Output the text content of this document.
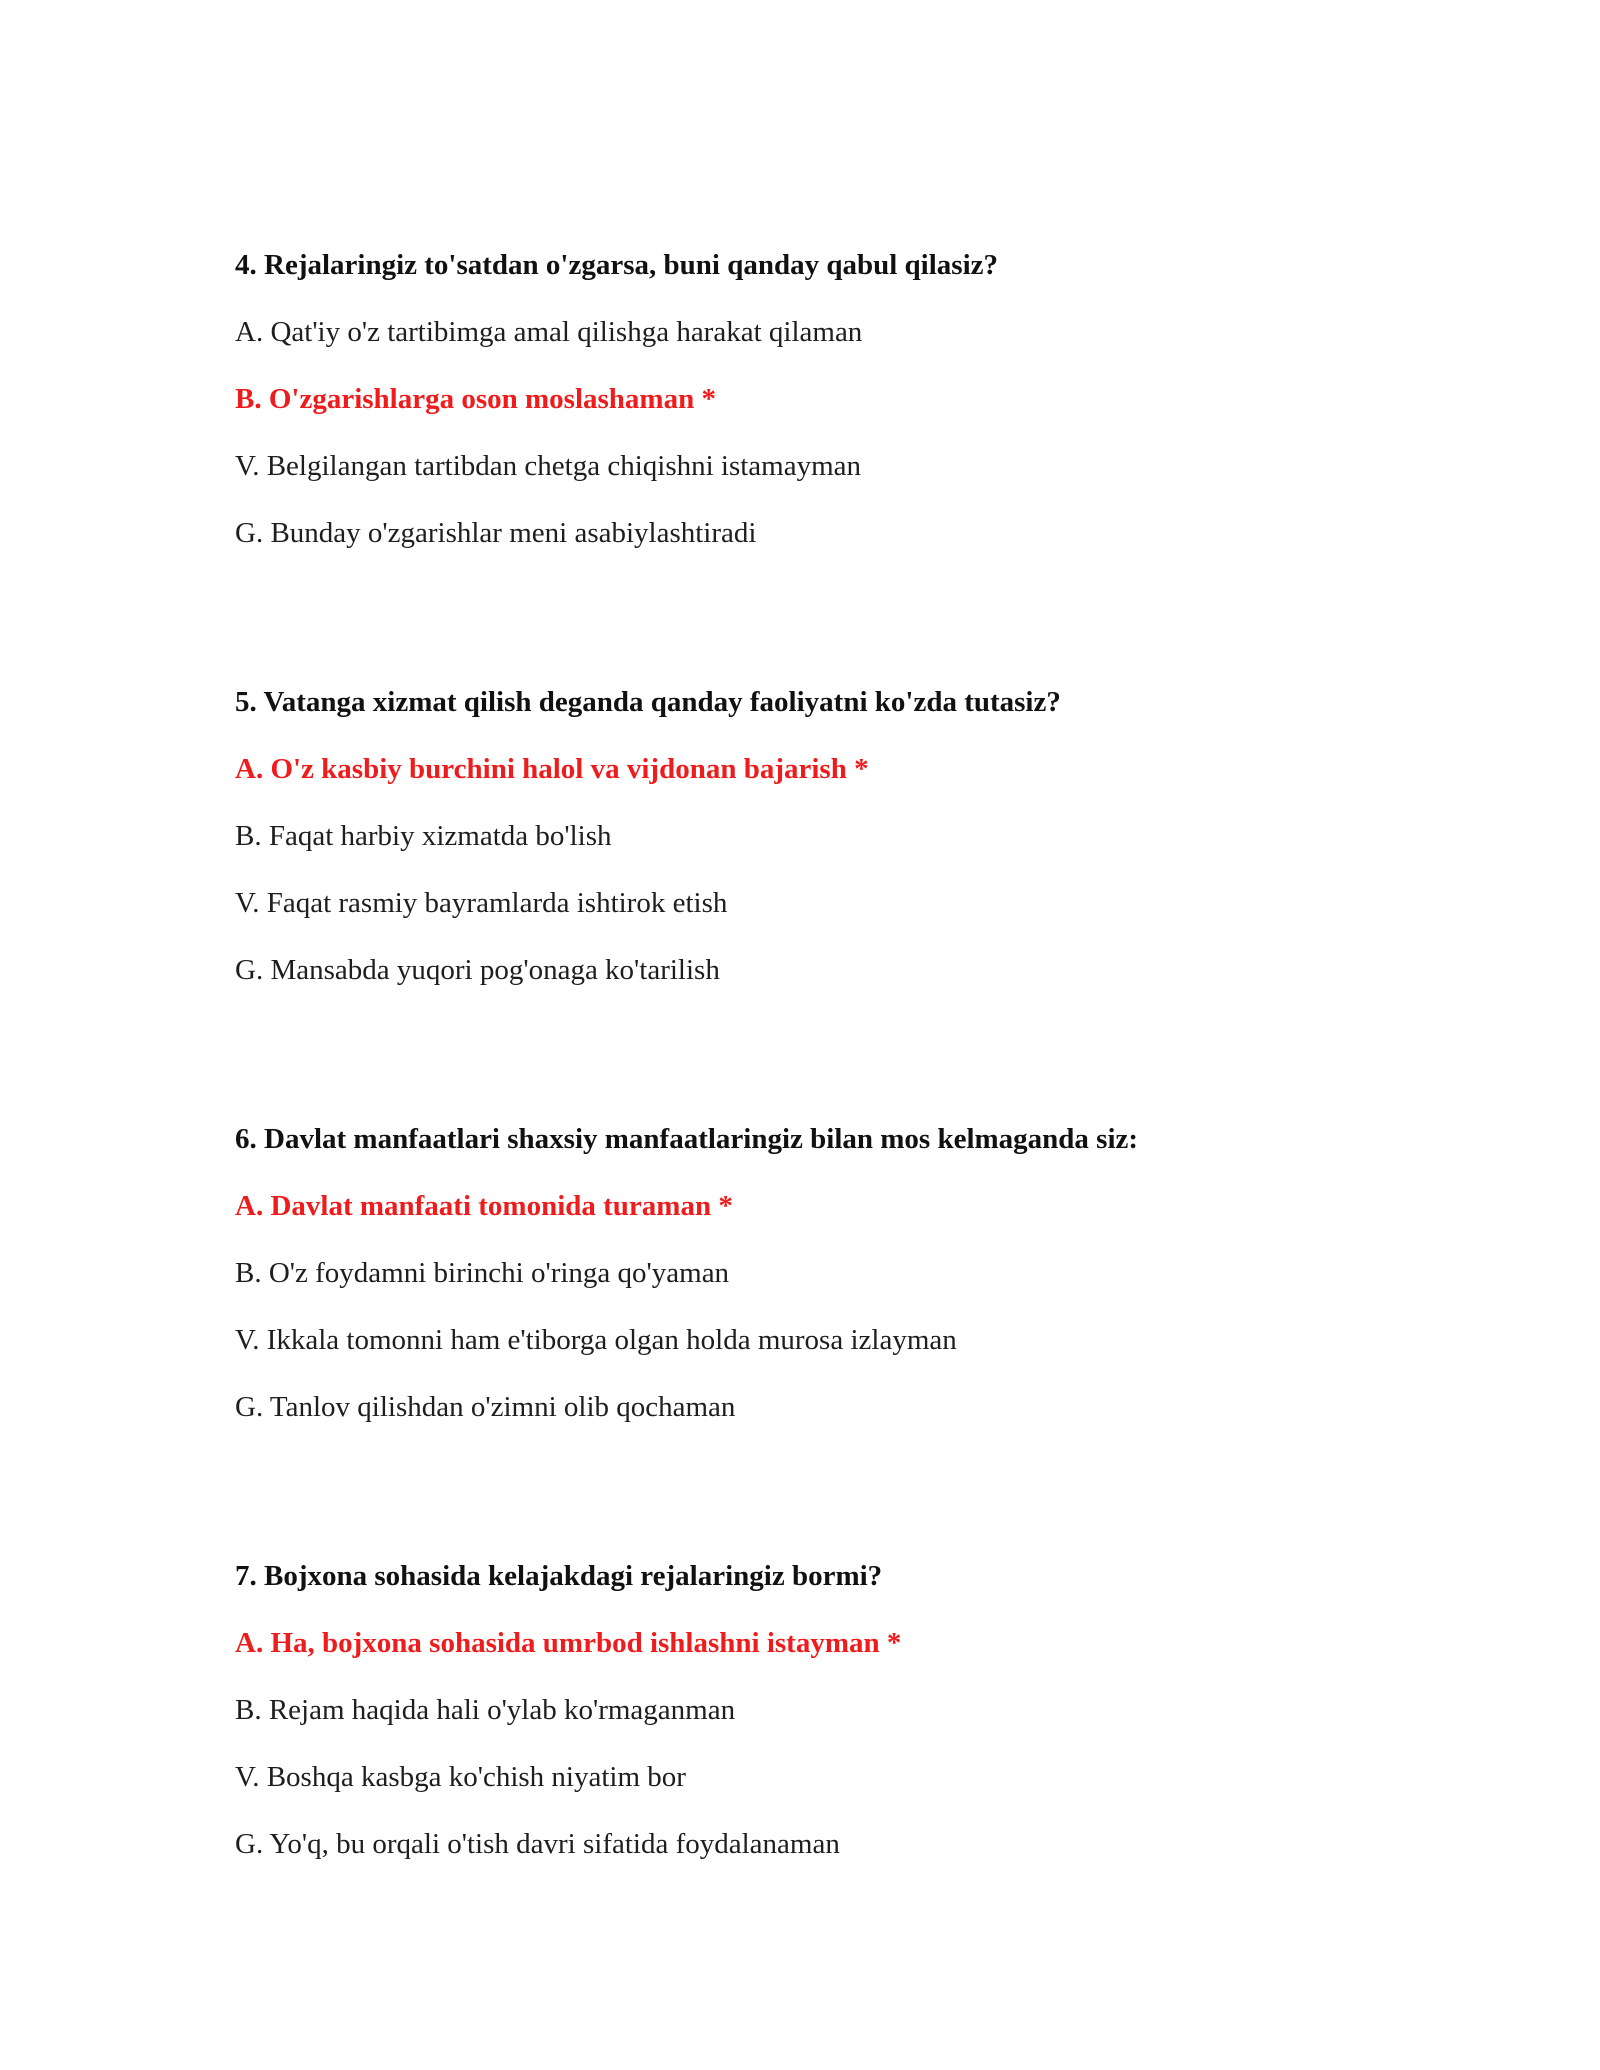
4. Rejalaringiz to'satdan o'zgarsa, buni qanday qabul qilasiz?
A. Qat'iy o'z tartibimga amal qilishga harakat qilaman
B. O'zgarishlarga oson moslashaman *
V. Belgilangan tartibdan chetga chiqishni istamayman
G. Bunday o'zgarishlar meni asabiylashtiradi
5. Vatanga xizmat qilish deganda qanday faoliyatni ko'zda tutasiz?
A. O'z kasbiy burchini halol va vijdonan bajarish *
B. Faqat harbiy xizmatda bo'lish
V. Faqat rasmiy bayramlarda ishtirok etish
G. Mansabda yuqori pog'onaga ko'tarilish
6. Davlat manfaatlari shaxsiy manfaatlaringiz bilan mos kelmaganda siz:
A. Davlat manfaati tomonida turaman *
B. O'z foydamni birinchi o'ringa qo'yaman
V. Ikkala tomonni ham e'tiborga olgan holda murosa izlayman
G. Tanlov qilishdan o'zimni olib qochaman
7. Bojxona sohasida kelajakdagi rejalaringiz bormi?
A. Ha, bojxona sohasida umrbod ishlashni istayman *
B. Rejam haqida hali o'ylab ko'rmaganman
V. Boshqa kasbga ko'chish niyatim bor
G. Yo'q, bu orqali o'tish davri sifatida foydalanaman
